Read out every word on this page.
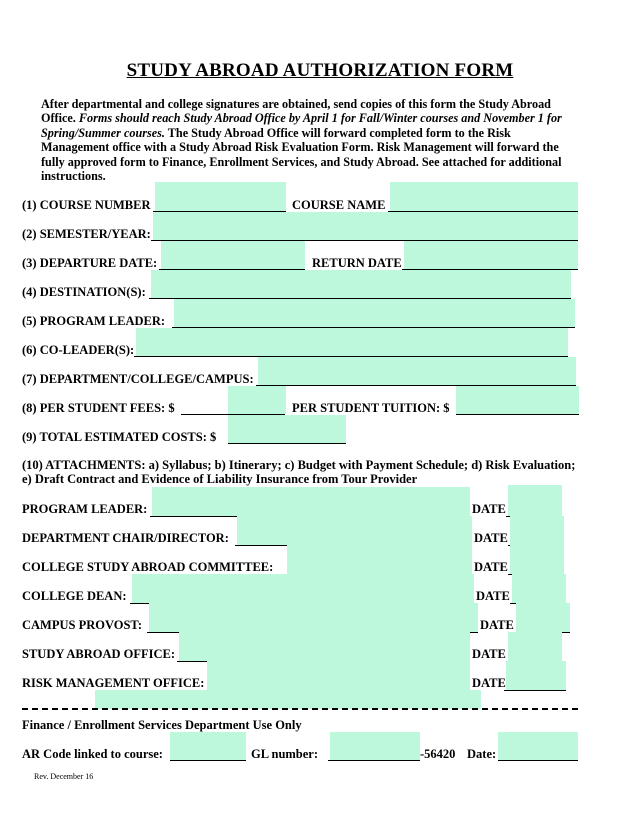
STUDY ABROAD AUTHORIZATION FORM
After departmental and college signatures are obtained, send copies of this form the Study Abroad Office. Forms should reach Study Abroad Office by April 1 for Fall/Winter courses and November 1 for Spring/Summer courses. The Study Abroad Office will forward completed form to the Risk Management office with a Study Abroad Risk Evaluation Form. Risk Management will forward the fully approved form to Finance, Enrollment Services, and Study Abroad. See attached for additional instructions.
(1) COURSE NUMBER	COURSE NAME
(2) SEMESTER/YEAR:
(3) DEPARTURE DATE:	RETURN DATE
(4) DESTINATION(S):
(5) PROGRAM LEADER:
(6) CO-LEADER(S):
(7) DEPARTMENT/COLLEGE/CAMPUS:
(8) PER STUDENT FEES: $	PER STUDENT TUITION: $
(9) TOTAL ESTIMATED COSTS: $
(10) ATTACHMENTS: a) Syllabus; b) Itinerary; c) Budget with Payment Schedule; d) Risk Evaluation; e) Draft Contract and Evidence of Liability Insurance from Tour Provider
PROGRAM LEADER:	DATE
DEPARTMENT CHAIR/DIRECTOR:	DATE
COLLEGE STUDY ABROAD COMMITTEE:	DATE
COLLEGE DEAN:	DATE
CAMPUS PROVOST:	DATE
STUDY ABROAD OFFICE:	DATE
RISK MANAGEMENT OFFICE:	DATE
Finance / Enrollment Services Department Use Only
AR Code linked to course:	GL number:	-56420 Date:
Rev. December 16
